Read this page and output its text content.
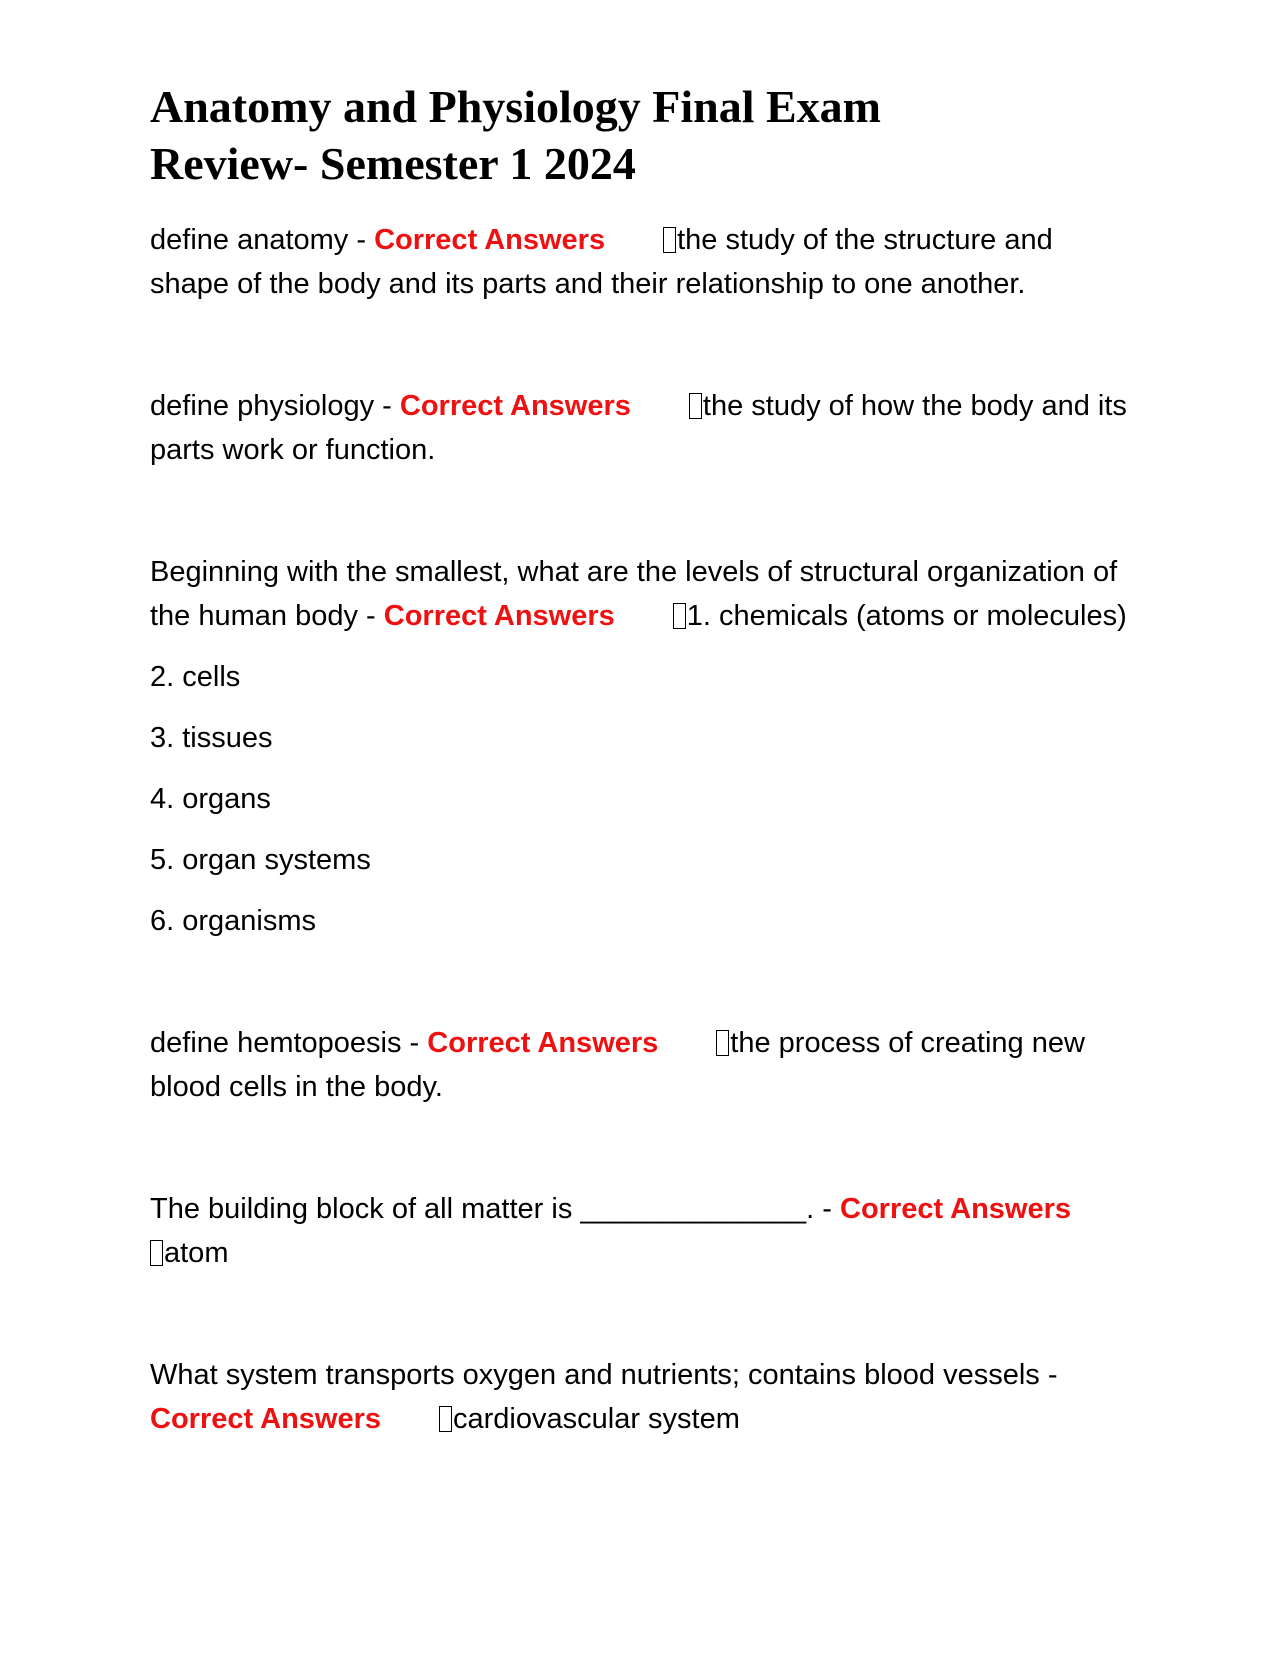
Anatomy and Physiology Final Exam
Review- Semester 1 2024

define anatomy - Correct Answers the study of the structure and shape of the body and its parts and their relationship to one another.

define physiology - Correct Answers the study of how the body and its parts work or function.

Beginning with the smallest, what are the levels of structural organization of the human body - Correct Answers 1. chemicals (atoms or molecules)

2. cells
3. tissues
4. organs
5. organ systems
6. organisms

define hemtopoesis - Correct Answers the process of creating new blood cells in the body.

The building block of all matter is ______________. - Correct Answers
atom

What system transports oxygen and nutrients; contains blood vessels -
Correct Answers cardiovascular system
